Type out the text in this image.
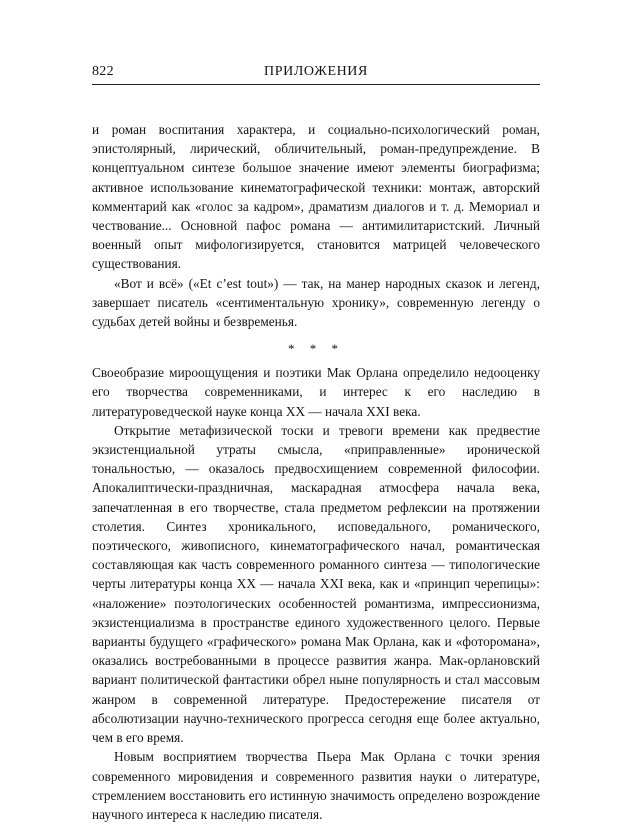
822	ПРИЛОЖЕНИЯ

и роман воспитания характера, и социально-психологический роман, эпистолярный, лирический, обличительный, роман-предупреждение. В концептуальном синтезе большое значение имеют элементы биографизма; активное использование кинематографической техники: монтаж, авторский комментарий как «голос за кадром», драматизм диалогов и т. д. Мемориал и чествование... Основной пафос романа — антимилитаристский. Личный военный опыт мифологизируется, становится матрицей человеческого существования.

«Вот и всё» («Et c’est tout») — так, на манер народных сказок и легенд, завершает писатель «сентиментальную хронику», современную легенду о судьбах детей войны и безвременья.

* * *

Своеобразие мироощущения и поэтики Мак Орлана определило недооценку его творчества современниками, и интерес к его наследию в литературоведческой науке конца XX — начала XXI века.

Открытие метафизической тоски и тревоги времени как предвестие экзистенциальной утраты смысла, «приправленные» иронической тональностью, — оказалось предвосхищением современной философии. Апокалиптически-праздничная, маскарадная атмосфера начала века, запечатленная в его творчестве, стала предметом рефлексии на протяжении столетия. Синтез хроникального, исповедального, романического, поэтического, живописного, кинематографического начал, романтическая составляющая как часть современного романного синтеза — типологические черты литературы конца XX — начала XXI века, как и «принцип черепицы»: «наложение» поэтологических особенностей романтизма, импрессионизма, экзистенциализма в пространстве единого художественного целого. Первые варианты будущего «графического» романа Мак Орлана, как и «фоторомана», оказались востребованными в процессе развития жанра. Мак-орлановский вариант политической фантастики обрел ныне популярность и стал массовым жанром в современной литературе. Предостережение писателя от абсолютизации научно-технического прогресса сегодня еще более актуально, чем в его время.

Новым восприятием творчества Пьера Мак Орлана с точки зрения современного мировидения и современного развития науки о литературе, стремлением восстановить его истинную значимость определено возрождение научного интереса к наследию писателя.
